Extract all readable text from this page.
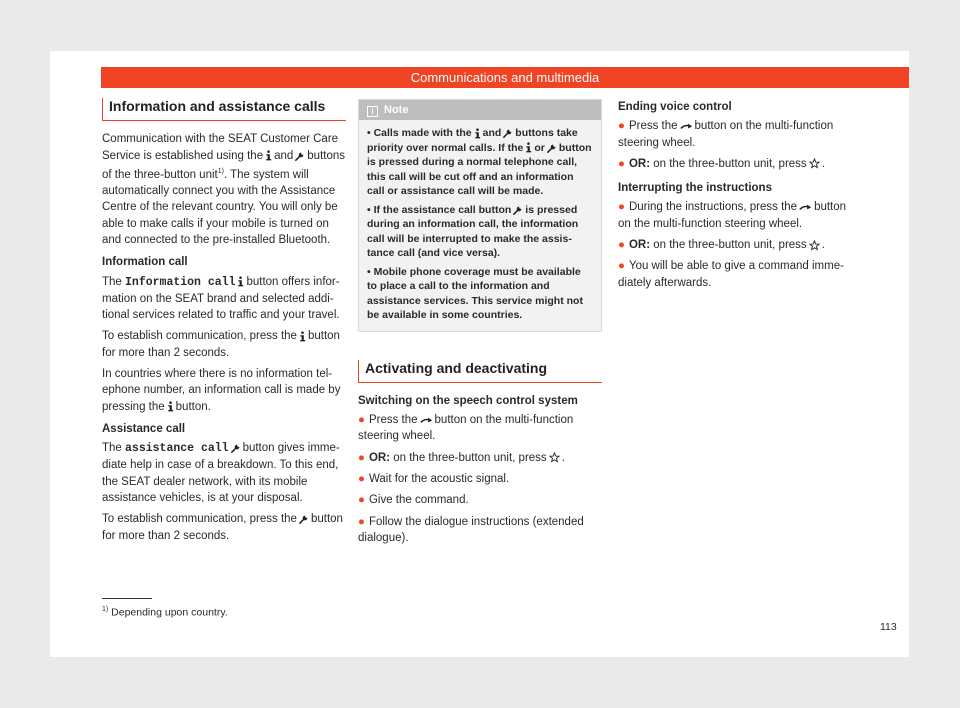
Communications and multimedia
Information and assistance calls

Communication with the SEAT Customer Care Service is established using the and buttons of the three-button unit$^{1)}$. The system will automatically connect you with the Assistance Centre of the relevant country. You will only be able to make calls if your mobile is turned on and connected to the pre-installed Bluetooth.

Information call

The Information call button offers information on the SEAT brand and selected additional services related to traffic and your travel.

To establish communication, press the button for more than 2 seconds.

In countries where there is no information telephone number, an information call is made by pressing the button.

Assistance call

The assistance call button gives immediate help in case of a breakdown. To this end, the SEAT dealer network, with its mobile assistance vehicles, is at your disposal.

To establish communication, press the button for more than 2 seconds.

i Note

• Calls made with the and buttons take priority over normal calls. If the or button is pressed during a normal telephone call, this call will be cut off and an information call or assistance call will be made.

• If the assistance call button is pressed during an information call, the information call will be interrupted to make the assistance call (and vice versa).

• Mobile phone coverage must be available to place a call to the information and assistance services. This service might not be available in some countries.

Activating and deactivating

Switching on the speech control system

● Press the button on the multi-function steering wheel.

● OR: on the three-button unit, press .

● Wait for the acoustic signal.

● Give the command.

● Follow the dialogue instructions (extended dialogue).

Ending voice control

● Press the button on the multi-function steering wheel.

● OR: on the three-button unit, press .

Interrupting the instructions

● During the instructions, press the button on the multi-function steering wheel.

● OR: on the three-button unit, press .

● You will be able to give a command immediately afterwards.

$^{1)}$ Depending upon country.
113
